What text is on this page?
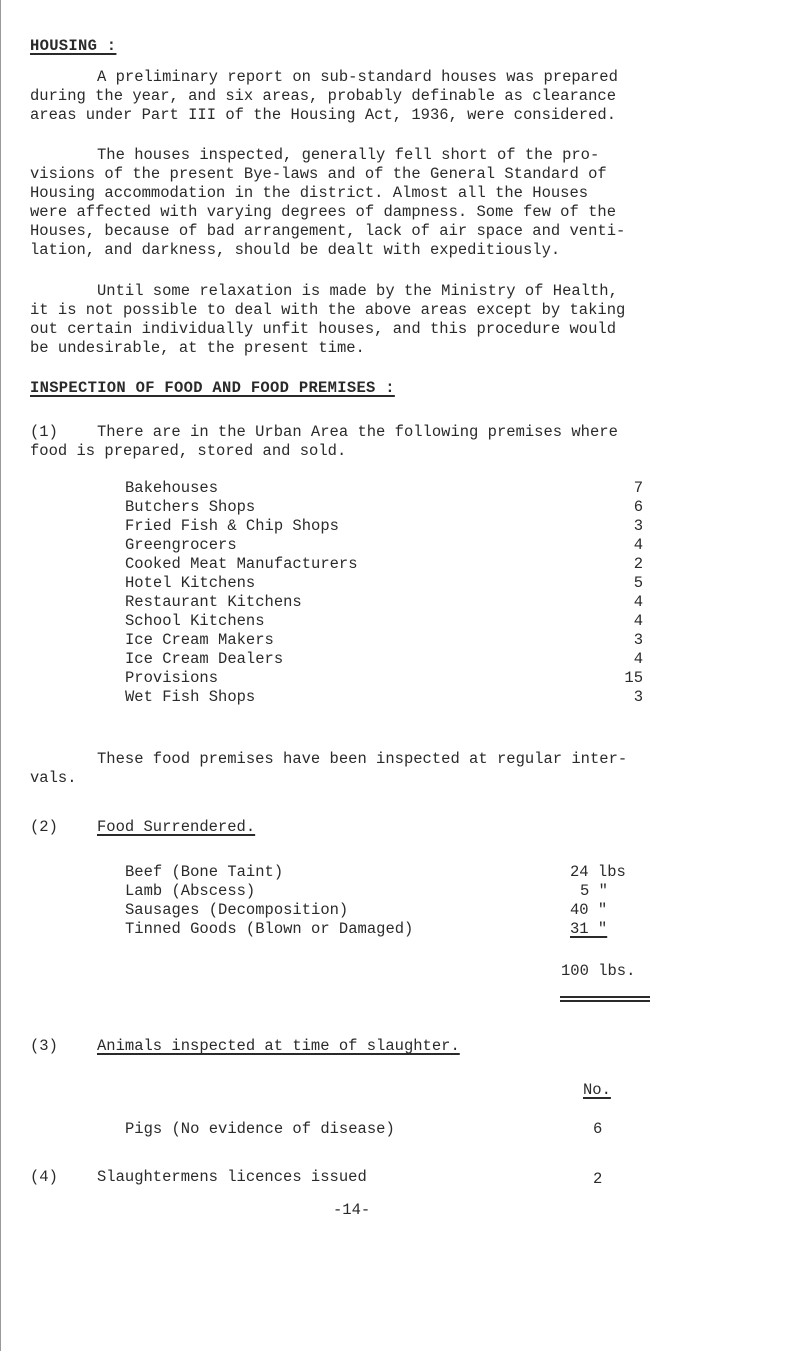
HOUSING :

A preliminary report on sub-standard houses was prepared
during the year, and six areas, probably definable as clearance
areas under Part III of the Housing Act, 1936, were considered.

The houses inspected, generally fell short of the pro-
visions of the present Bye-laws and of the General Standard of
Housing accommodation in the district. Almost all the Houses
were affected with varying degrees of dampness. Some few of the
Houses, because of bad arrangement, lack of air space and venti-
lation, and darkness, should be dealt with expeditiously.

Until some relaxation is made by the Ministry of Health,
it is not possible to deal with the above areas except by taking
out certain individually unfit houses, and this procedure would
be undesirable, at the present time.

INSPECTION OF FOOD AND FOOD PREMISES :
(1)	There are in the Urban Area the following premises where
food is prepared, stored and sold.
Bakehouses	7
Butchers Shops	6
Fried Fish & Chip Shops	3
Greengrocers	4
Cooked Meat Manufacturers	2
Hotel Kitchens	5
Restaurant Kitchens	4
School Kitchens	4
Ice Cream Makers	3
Ice Cream Dealers	4
Provisions	15
Wet Fish Shops	3
These food premises have been inspected at regular inter-
vals.
(2)	Food Surrendered.
Beef (Bone Taint)	24 lbs
Lamb (Abscess)	5 "
Sausages (Decomposition)	40 "
Tinned Goods (Blown or Damaged)	31 "
100 lbs.
(3)	Animals inspected at time of slaughter.
No.
Pigs (No evidence of disease)	6
(4)	Slaughtermens licences issued	2
-14-
